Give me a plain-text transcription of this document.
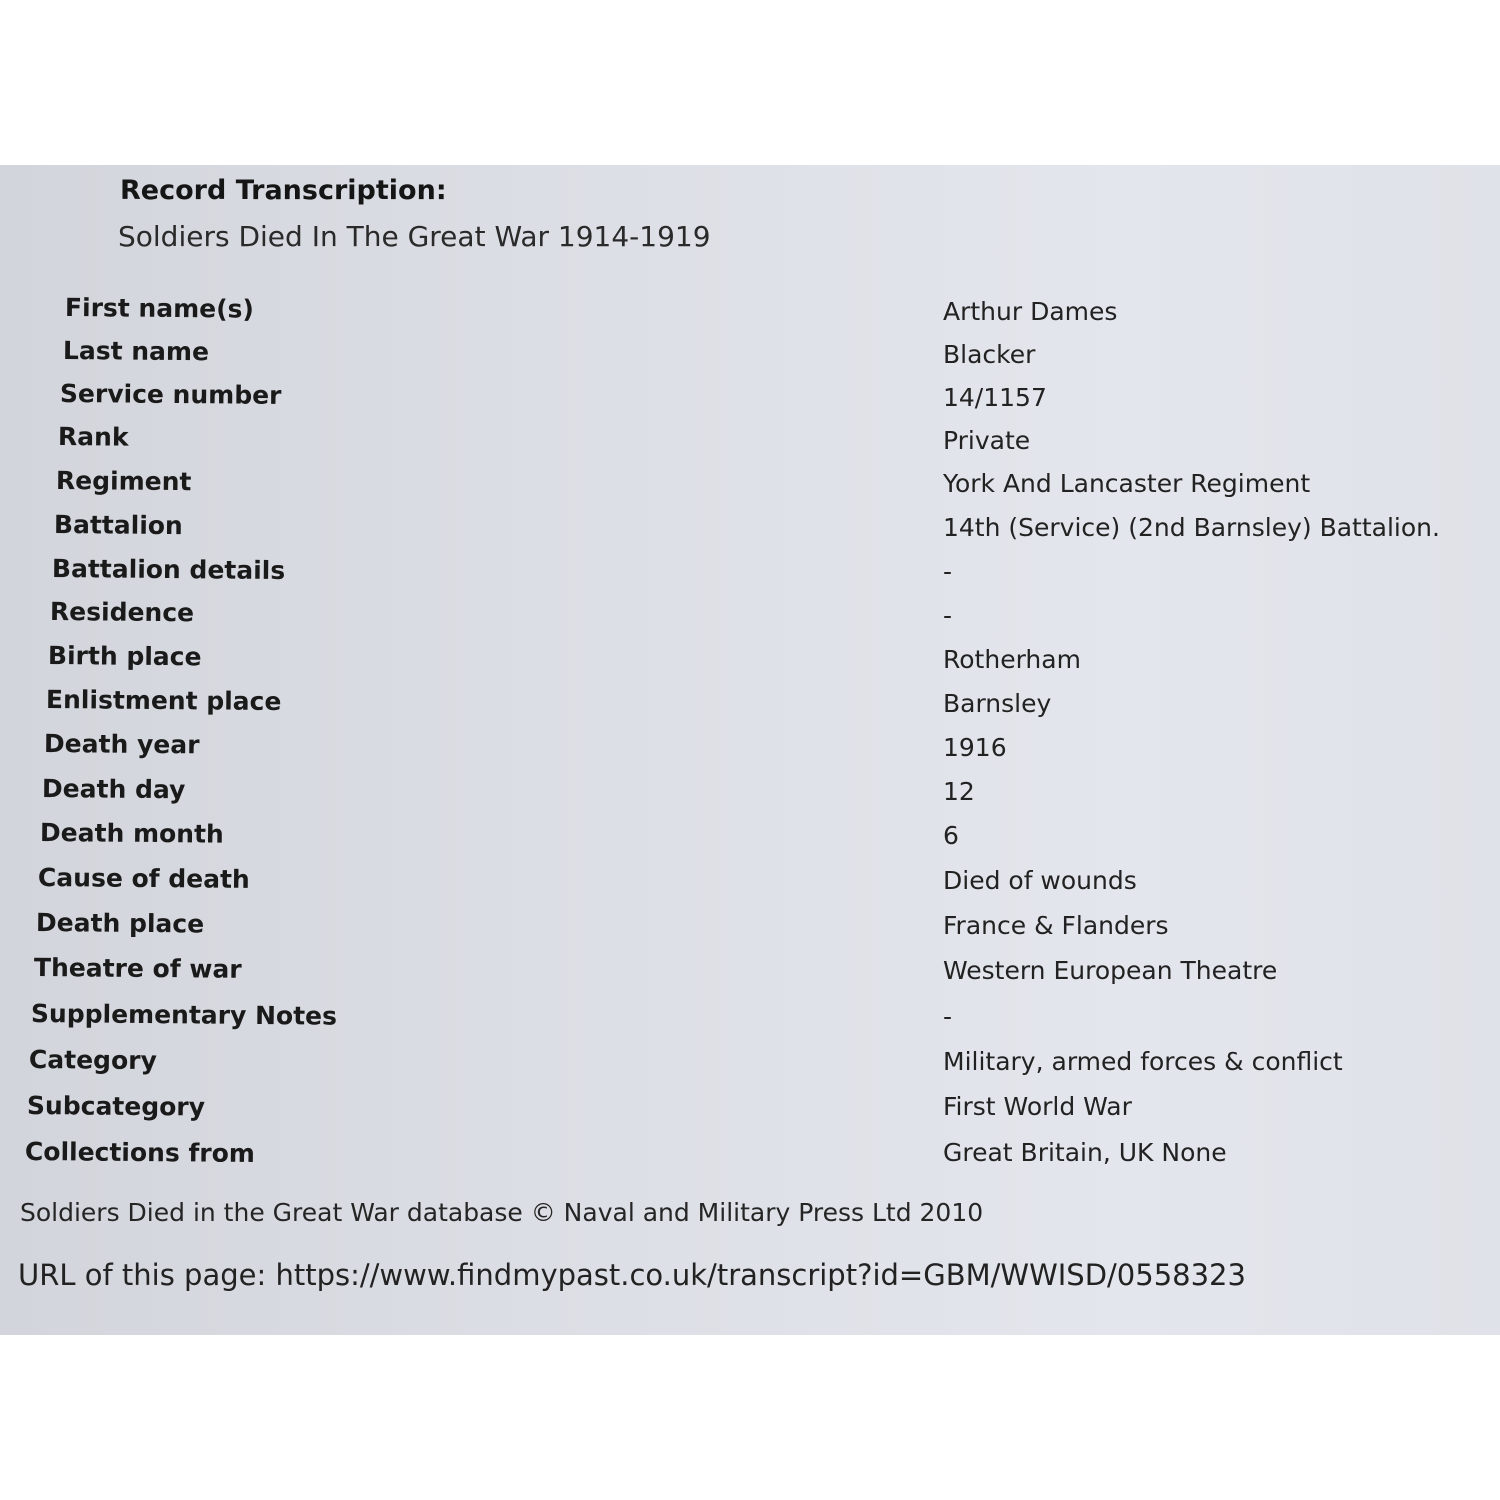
Record Transcription:
Soldiers Died In The Great War 1914-1919
First name(s)	Arthur Dames
Last name	Blacker
Service number	14/1157
Rank	Private
Regiment	York And Lancaster Regiment
Battalion	14th (Service) (2nd Barnsley) Battalion.
Battalion details	-
Residence	-
Birth place	Rotherham
Enlistment place	Barnsley
Death year	1916
Death day	12
Death month	6
Cause of death	Died of wounds
Death place	France & Flanders
Theatre of war	Western European Theatre
Supplementary Notes	-
Category	Military, armed forces & conflict
Subcategory	First World War
Collections from	Great Britain, UK None
Soldiers Died in the Great War database © Naval and Military Press Ltd 2010
URL of this page: https://www.findmypast.co.uk/transcript?id=GBM/WWISD/0558323
